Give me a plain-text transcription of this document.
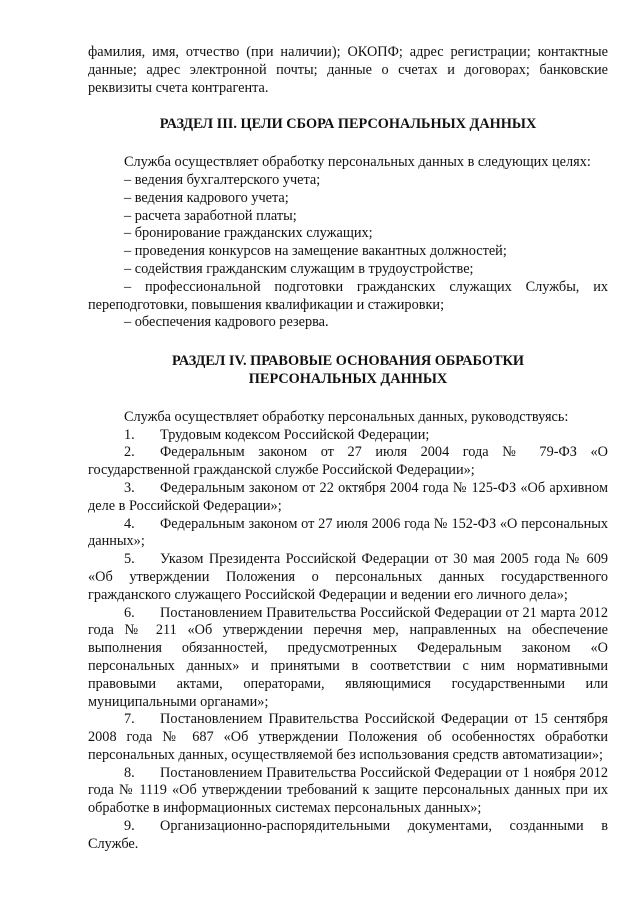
фамилия, имя, отчество (при наличии); ОКОПФ; адрес регистрации; контактные данные; адрес электронной почты; данные о счетах и договорах; банковские реквизиты счета контрагента.

РАЗДЕЛ III. ЦЕЛИ СБОРА ПЕРСОНАЛЬНЫХ ДАННЫХ

Служба осуществляет обработку персональных данных в следующих целях:

– ведения бухгалтерского учета;

– ведения кадрового учета;

– расчета заработной платы;

– бронирование гражданских служащих;

– проведения конкурсов на замещение вакантных должностей;

– содействия гражданским служащим в трудоустройстве;

– профессиональной подготовки гражданских служащих Службы, их переподготовки, повышения квалификации и стажировки;

– обеспечения кадрового резерва.

РАЗДЕЛ IV. ПРАВОВЫЕ ОСНОВАНИЯ ОБРАБОТКИ
ПЕРСОНАЛЬНЫХ ДАННЫХ

Служба осуществляет обработку персональных данных, руководствуясь:

1. Трудовым кодексом Российской Федерации;

2. Федеральным законом от 27 июля 2004 года № 79-ФЗ «О государственной гражданской службе Российской Федерации»;

3. Федеральным законом от 22 октября 2004 года № 125-ФЗ «Об архивном деле в Российской Федерации»;

4. Федеральным законом от 27 июля 2006 года № 152-ФЗ «О персональных данных»;

5. Указом Президента Российской Федерации от 30 мая 2005 года № 609 «Об утверждении Положения о персональных данных государственного гражданского служащего Российской Федерации и ведении его личного дела»;

6. Постановлением Правительства Российской Федерации от 21 марта 2012 года № 211 «Об утверждении перечня мер, направленных на обеспечение выполнения обязанностей, предусмотренных Федеральным законом «О персональных данных» и принятыми в соответствии с ним нормативными правовыми актами, операторами, являющимися государственными или муниципальными органами»;

7. Постановлением Правительства Российской Федерации от 15 сентября 2008 года № 687 «Об утверждении Положения об особенностях обработки персональных данных, осуществляемой без использования средств автоматизации»;

8. Постановлением Правительства Российской Федерации от 1 ноября 2012 года № 1119 «Об утверждении требований к защите персональных данных при их обработке в информационных системах персональных данных»;

9. Организационно-распорядительными документами, созданными в Службе.
